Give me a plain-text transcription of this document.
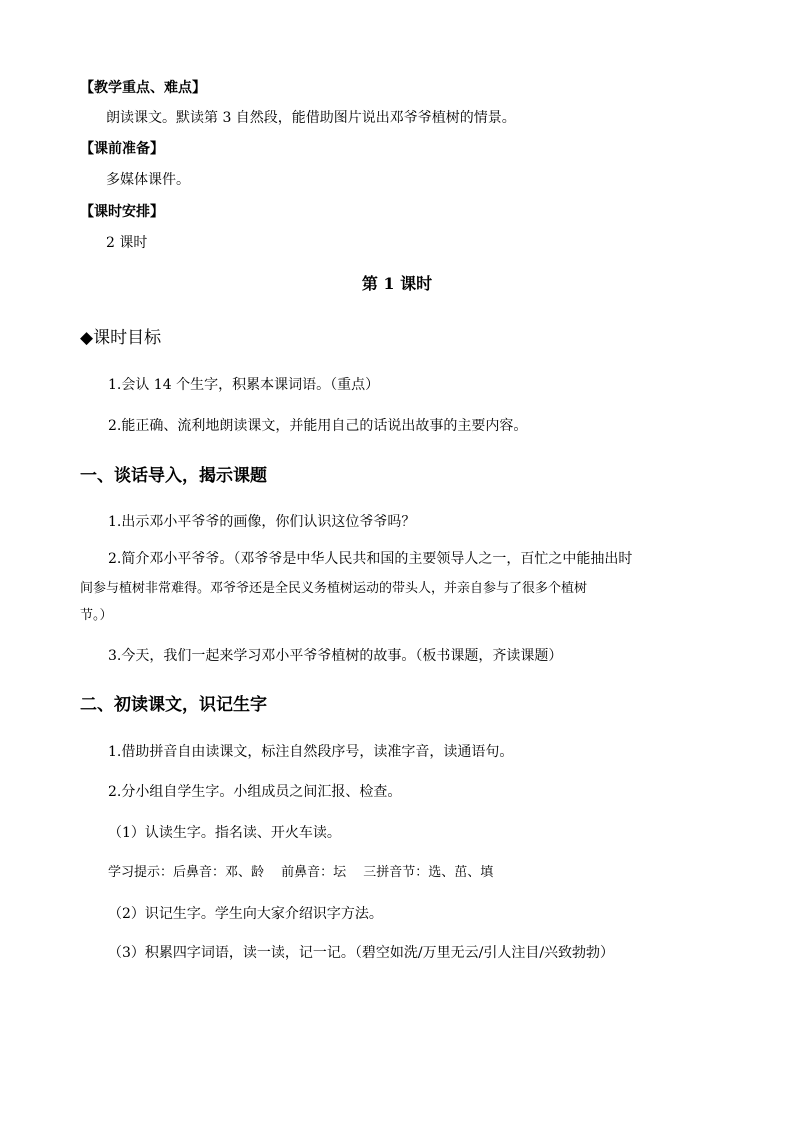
【教学重点、难点】
朗读课文。默读第 3 自然段，能借助图片说出邓爷爷植树的情景。
【课前准备】
多媒体课件。
【课时安排】
2 课时
第 1 课时
◆课时目标
1.会认 14 个生字，积累本课词语。（重点）
2.能正确、流利地朗读课文，并能用自己的话说出故事的主要内容。
一、谈话导入，揭示课题
1.出示邓小平爷爷的画像，你们认识这位爷爷吗？
2.简介邓小平爷爷。（邓爷爷是中华人民共和国的主要领导人之一，百忙之中能抽出时
间参与植树非常难得。邓爷爷还是全民义务植树运动的带头人，并亲自参与了很多个植树
节。）
3.今天，我们一起来学习邓小平爷爷植树的故事。（板书课题，齐读课题）
二、初读课文，识记生字
1.借助拼音自由读课文，标注自然段序号，读准字音，读通语句。
2.分小组自学生字。小组成员之间汇报、检查。
（1）认读生字。指名读、开火车读。
学习提示：后鼻音：邓、龄　 前鼻音：坛　 三拼音节：选、茁、填
（2）识记生字。学生向大家介绍识字方法。
（3）积累四字词语，读一读，记一记。（碧空如洗/万里无云/引人注目/兴致勃勃）
